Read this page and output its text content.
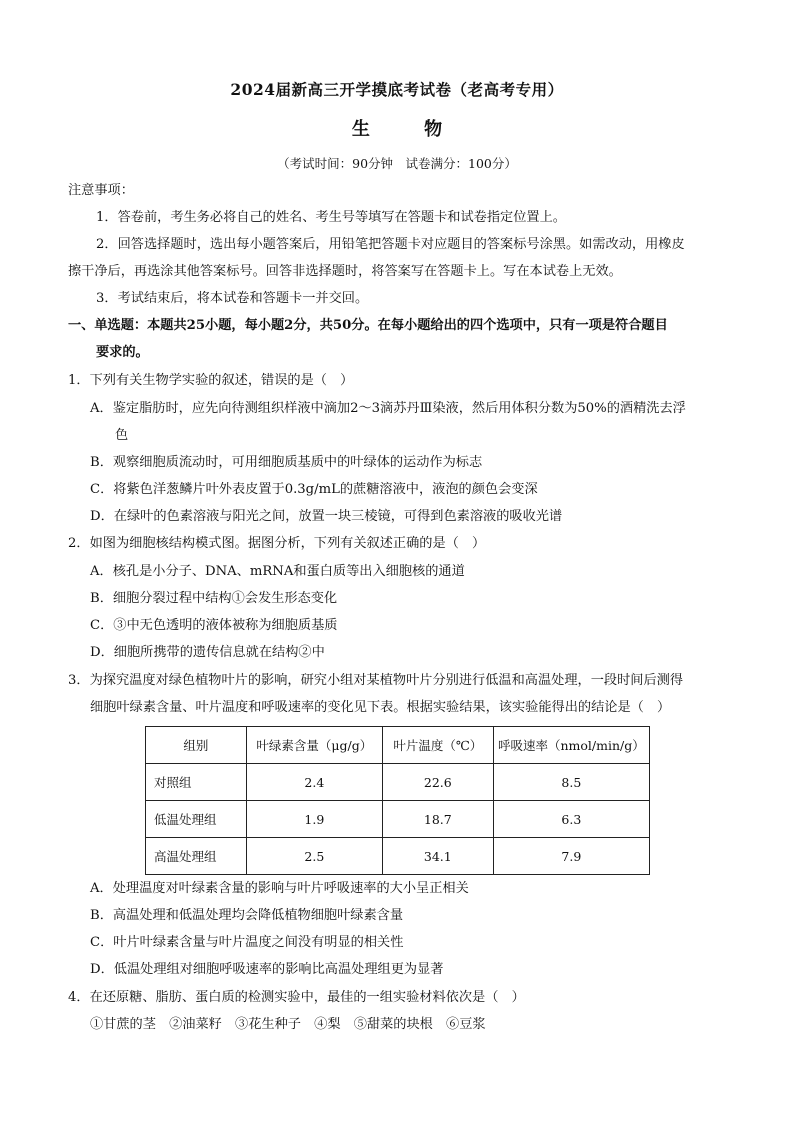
2024届新高三开学摸底考试卷（老高考专用）
生 物
（考试时间：90分钟　试卷满分：100分）
注意事项：
1．答卷前，考生务必将自己的姓名、考生号等填写在答题卡和试卷指定位置上。
2．回答选择题时，选出每小题答案后，用铅笔把答题卡对应题目的答案标号涂黑。如需改动，用橡皮
擦干净后，再选涂其他答案标号。回答非选择题时，将答案写在答题卡上。写在本试卷上无效。
3．考试结束后，将本试卷和答题卡一并交回。
一、单选题：本题共25小题，每小题2分，共50分。在每小题给出的四个选项中，只有一项是符合题目
要求的。
1．下列有关生物学实验的叙述，错误的是（　）
A．鉴定脂肪时，应先向待测组织样液中滴加2～3滴苏丹Ⅲ染液，然后用体积分数为50%的酒精洗去浮
色
B．观察细胞质流动时，可用细胞质基质中的叶绿体的运动作为标志
C．将紫色洋葱鳞片叶外表皮置于0.3g/mL的蔗糖溶液中，液泡的颜色会变深
D．在绿叶的色素溶液与阳光之间，放置一块三棱镜，可得到色素溶液的吸收光谱
2．如图为细胞核结构模式图。据图分析，下列有关叙述正确的是（　）
A．核孔是小分子、DNA、mRNA和蛋白质等出入细胞核的通道
B．细胞分裂过程中结构①会发生形态变化
C．③中无色透明的液体被称为细胞质基质
D．细胞所携带的遗传信息就在结构②中
3．为探究温度对绿色植物叶片的影响，研究小组对某植物叶片分别进行低温和高温处理，一段时间后测得
细胞叶绿素含量、叶片温度和呼吸速率的变化见下表。根据实验结果，该实验能得出的结论是（　）
组别	叶绿素含量（μg/g）	叶片温度（℃）	呼吸速率（nmol/min/g）
对照组	2.4	22.6	8.5
低温处理组	1.9	18.7	6.3
高温处理组	2.5	34.1	7.9
A．处理温度对叶绿素含量的影响与叶片呼吸速率的大小呈正相关
B．高温处理和低温处理均会降低植物细胞叶绿素含量
C．叶片叶绿素含量与叶片温度之间没有明显的相关性
D．低温处理组对细胞呼吸速率的影响比高温处理组更为显著
4．在还原糖、脂肪、蛋白质的检测实验中，最佳的一组实验材料依次是（　）
①甘蔗的茎　②油菜籽　③花生种子　④梨　⑤甜菜的块根　⑥豆浆
